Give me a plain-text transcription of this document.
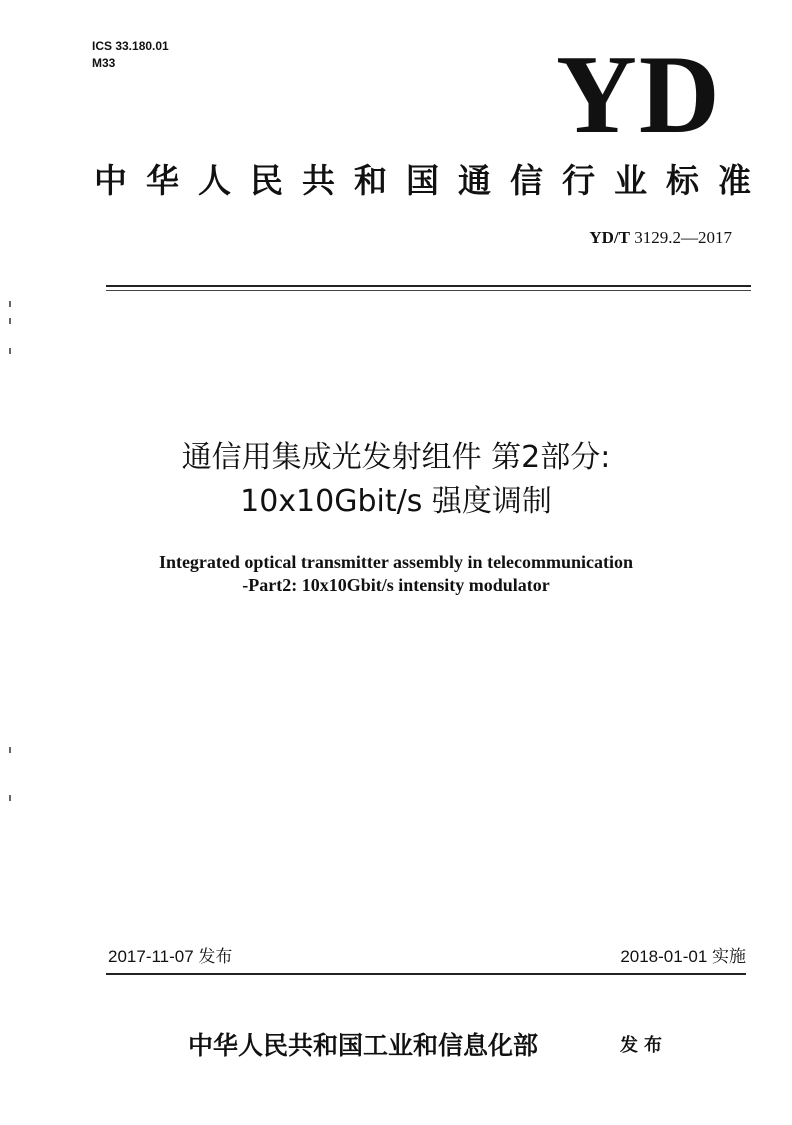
ICS 33.180.01
M33	YD
中华人民共和国通信行业标准
YD/T 3129.2—2017
通信用集成光发射组件 第2部分:
10x10Gbit/s 强度调制
Integrated optical transmitter assembly in telecommunication
-Part2: 10x10Gbit/s intensity modulator
2017-11-07 发布	2018-01-01 实施
中华人民共和国工业和信息化部	发布
